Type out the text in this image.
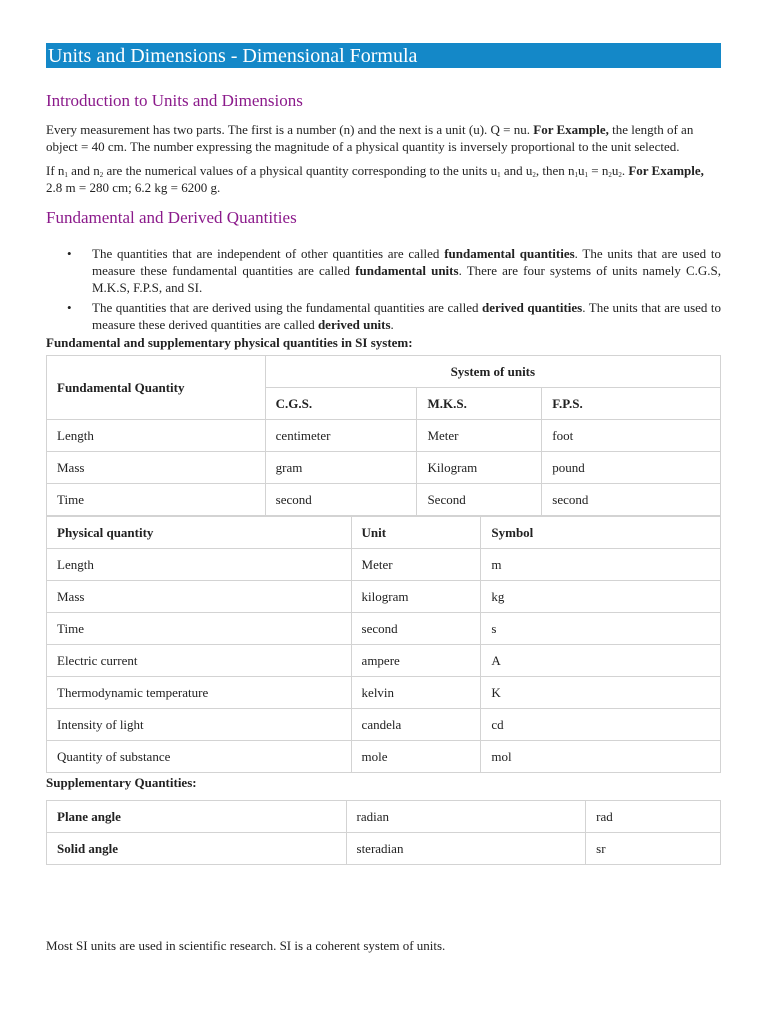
Units and Dimensions - Dimensional Formula
Introduction to Units and Dimensions

Every measurement has two parts. The first is a number (n) and the next is a unit (u). Q = nu. For Example, the length of an object = 40 cm. The number expressing the magnitude of a physical quantity is inversely proportional to the unit selected.

If $n_1$ and $n_2$ are the numerical values of a physical quantity corresponding to the units $u_1$ and $u_2$, then $n_1u_1 = n_2u_2$. For Example, 2.8 m = 280 cm; 6.2 kg = 6200 g.

Fundamental and Derived Quantities
• The quantities that are independent of other quantities are called fundamental quantities. The units that are used to measure these fundamental quantities are called fundamental units. There are four systems of units namely C.G.S, M.K.S, F.P.S, and SI.
• The quantities that are derived using the fundamental quantities are called derived quantities. The units that are used to measure these derived quantities are called derived units.
Fundamental and supplementary physical quantities in SI system:
Fundamental Quantity	System of units		
	C.G.S.	M.K.S.	F.P.S.
Length	centimeter	Meter	foot
Mass	gram	Kilogram	pound
Time	second	Second	second
Physical quantity	Unit	Symbol
Length	Meter	m
Mass	kilogram	kg
Time	second	s
Electric current	ampere	A
Thermodynamic temperature	kelvin	K
Intensity of light	candela	cd
Quantity of substance	mole	mol
Supplementary Quantities:
Plane angle	radian	rad
Solid angle	steradian	sr
Most SI units are used in scientific research. SI is a coherent system of units.
